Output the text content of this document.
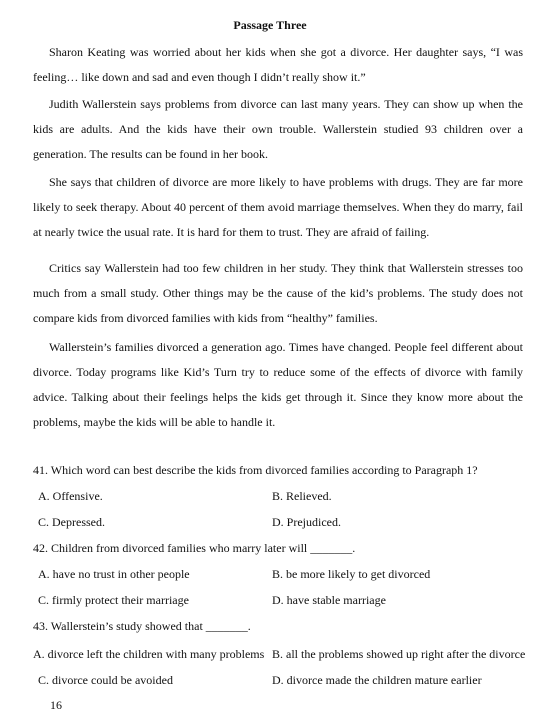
Passage Three
Sharon Keating was worried about her kids when she got a divorce. Her daughter says, “I was feeling… like down and sad and even though I didn’t really show it.”
Judith Wallerstein says problems from divorce can last many years. They can show up when the kids are adults. And the kids have their own trouble. Wallerstein studied 93 children over a generation. The results can be found in her book.
She says that children of divorce are more likely to have problems with drugs. They are far more likely to seek therapy. About 40 percent of them avoid marriage themselves. When they do marry, fail at nearly twice the usual rate. It is hard for them to trust. They are afraid of failing.
Critics say Wallerstein had too few children in her study. They think that Wallerstein stresses too much from a small study. Other things may be the cause of the kid’s problems. The study does not compare kids from divorced families with kids from “healthy” families.
Wallerstein’s families divorced a generation ago. Times have changed. People feel different about divorce. Today programs like Kid’s Turn try to reduce some of the effects of divorce with family advice. Talking about their feelings helps the kids get through it. Since they know more about the problems, maybe the kids will be able to handle it.
41. Which word can best describe the kids from divorced families according to Paragraph 1?
A. Offensive.	B. Relieved.
C. Depressed.	D. Prejudiced.
42. Children from divorced families who marry later will _______.
A. have no trust in other people	B. be more likely to get divorced
C. firmly protect their marriage	D. have stable marriage
43. Wallerstein’s study showed that _______.
A. divorce left the children with many problems B. all the problems showed up right after the divorce
C. divorce could be avoided	D. divorce made the children mature earlier
16
